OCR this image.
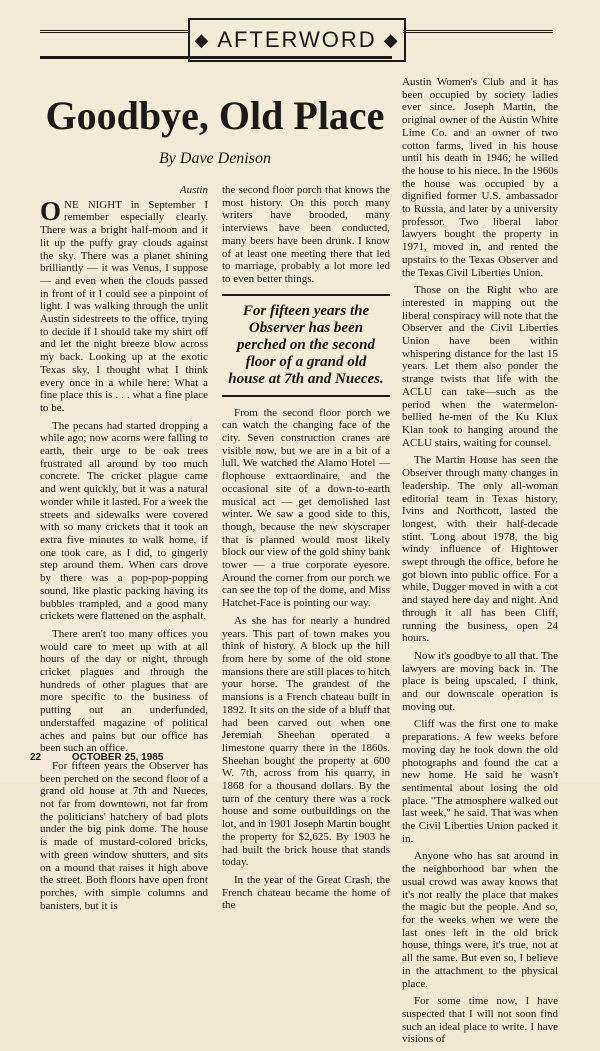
◆ AFTERWORD ◆
Goodbye, Old Place
By Dave Denison
Austin

ONE NIGHT in September I remember especially clearly. There was a bright half-moon and it lit up the puffy gray clouds against the sky. There was a planet shining brilliantly — it was Venus, I suppose — and even when the clouds passed in front of it I could see a pinpoint of light. I was walking through the unlit Austin sidestreets to the office, trying to decide if I should take my shirt off and let the night breeze blow across my back. Looking up at the exotic Texas sky, I thought what I think every once in a while here: What a fine place this is . . . what a fine place to be.

The pecans had started dropping a while ago; now acorns were falling to earth, their urge to be oak trees frustrated all around by too much concrete. The cricket plague came and went quickly, but it was a natural wonder while it lasted. For a week the streets and sidewalks were covered with so many crickets that it took an extra five minutes to walk home, if one took care, as I did, to gingerly step around them. When cars drove by there was a pop-pop-popping sound, like plastic packing having its bubbles trampled, and a good many crickets were flattened on the asphalt.

There aren't too many offices you would care to meet up with at all hours of the day or night, through cricket plagues and through the hundreds of other plagues that are more specific to the business of putting out an underfunded, understaffed magazine of political aches and pains but our office has been such an office.

For fifteen years the Observer has been perched on the second floor of a grand old house at 7th and Nueces, not far from downtown, not far from the politicians' hatchery of bad plots under the big pink dome. The house is made of mustard-colored bricks, with green window shutters, and sits on a mound that raises it high above the street. Both floors have open front porches, with simple columns and banisters, but it is

the second floor porch that knows the most history. On this porch many writers have brooded, many interviews have been conducted, many beers have been drunk. I know of at least one meeting there that led to marriage, probably a lot more led to even better things.

For fifteen years the Observer has been perched on the second floor of a grand old house at 7th and Nueces.

From the second floor porch we can watch the changing face of the city. Seven construction cranes are visible now, but we are in a bit of a lull. We watched the Alamo Hotel — flophouse extraordinaire, and the occasional site of a down-to-earth musical act — get demolished last winter. We saw a good side to this, though, because the new skyscraper that is planned would most likely block our view of the gold shiny bank tower — a true corporate eyesore. Around the corner from our porch we can see the top of the dome, and Miss Hatchet-Face is pointing our way.

As she has for nearly a hundred years. This part of town makes you think of history. A block up the hill from here by some of the old stone mansions there are still places to hitch your horse. The grandest of the mansions is a French chateau built in 1892. It sits on the side of a bluff that had been carved out when one Jeremiah Sheehan operated a limestone quarry there in the 1860s. Sheehan bought the property at 600 W. 7th, across from his quarry, in 1868 for a thousand dollars. By the turn of the century there was a rock house and some outbuildings on the lot, and in 1901 Joseph Martin bought the property for $2,625. By 1903 he had built the brick house that stands today.

In the year of the Great Crash, the French chateau became the home of the

Austin Women's Club and it has been occupied by society ladies ever since. Joseph Martin, the original owner of the Austin White Lime Co. and an owner of two cotton farms, lived in his house until his death in 1946; he willed the house to his niece. In the 1960s the house was occupied by a dignified former U.S. ambassador to Russia, and later by a university professor. Two liberal labor lawyers bought the property in 1971, moved in, and rented the upstairs to the Texas Observer and the Texas Civil Liberties Union.

Those on the Right who are interested in mapping out the liberal conspiracy will note that the Observer and the Civil Liberties Union have been within whispering distance for the last 15 years. Let them also ponder the strange twists that life with the ACLU can take—such as the period when the watermelon-bellied he-men of the Ku Klux Klan took to hanging around the ACLU stairs, waiting for counsel.

The Martin House has seen the Observer through many changes in leadership. The only all-woman editorial team in Texas history, Ivins and Northcott, lasted the longest, with their half-decade stint. 'Long about 1978, the big windy influence of Hightower swept through the office, before he got blown into public office. For a while, Dugger moved in with a cot and stayed here day and night. And through it all has been Cliff, running the business, open 24 hours.

Now it's goodbye to all that. The lawyers are moving back in. The place is being upscaled, I think, and our downscale operation is moving out.

Cliff was the first one to make preparations. A few weeks before moving day he took down the old photographs and found the cat a new home. He said he wasn't sentimental about losing the old place. "The atmosphere walked out last week," he said. That was when the Civil Liberties Union packed it in.

Anyone who has sat around in the neighborhood bar when the usual crowd was away knows that it's not really the place that makes the magic but the people. And so, for the weeks when we were the last ones left in the old brick house, things were, it's true, not at all the same. But even so, I believe in the attachment to the physical place.

For some time now, I have suspected that I will not soon find such an ideal place to write. I have visions of

22	OCTOBER 25, 1985
